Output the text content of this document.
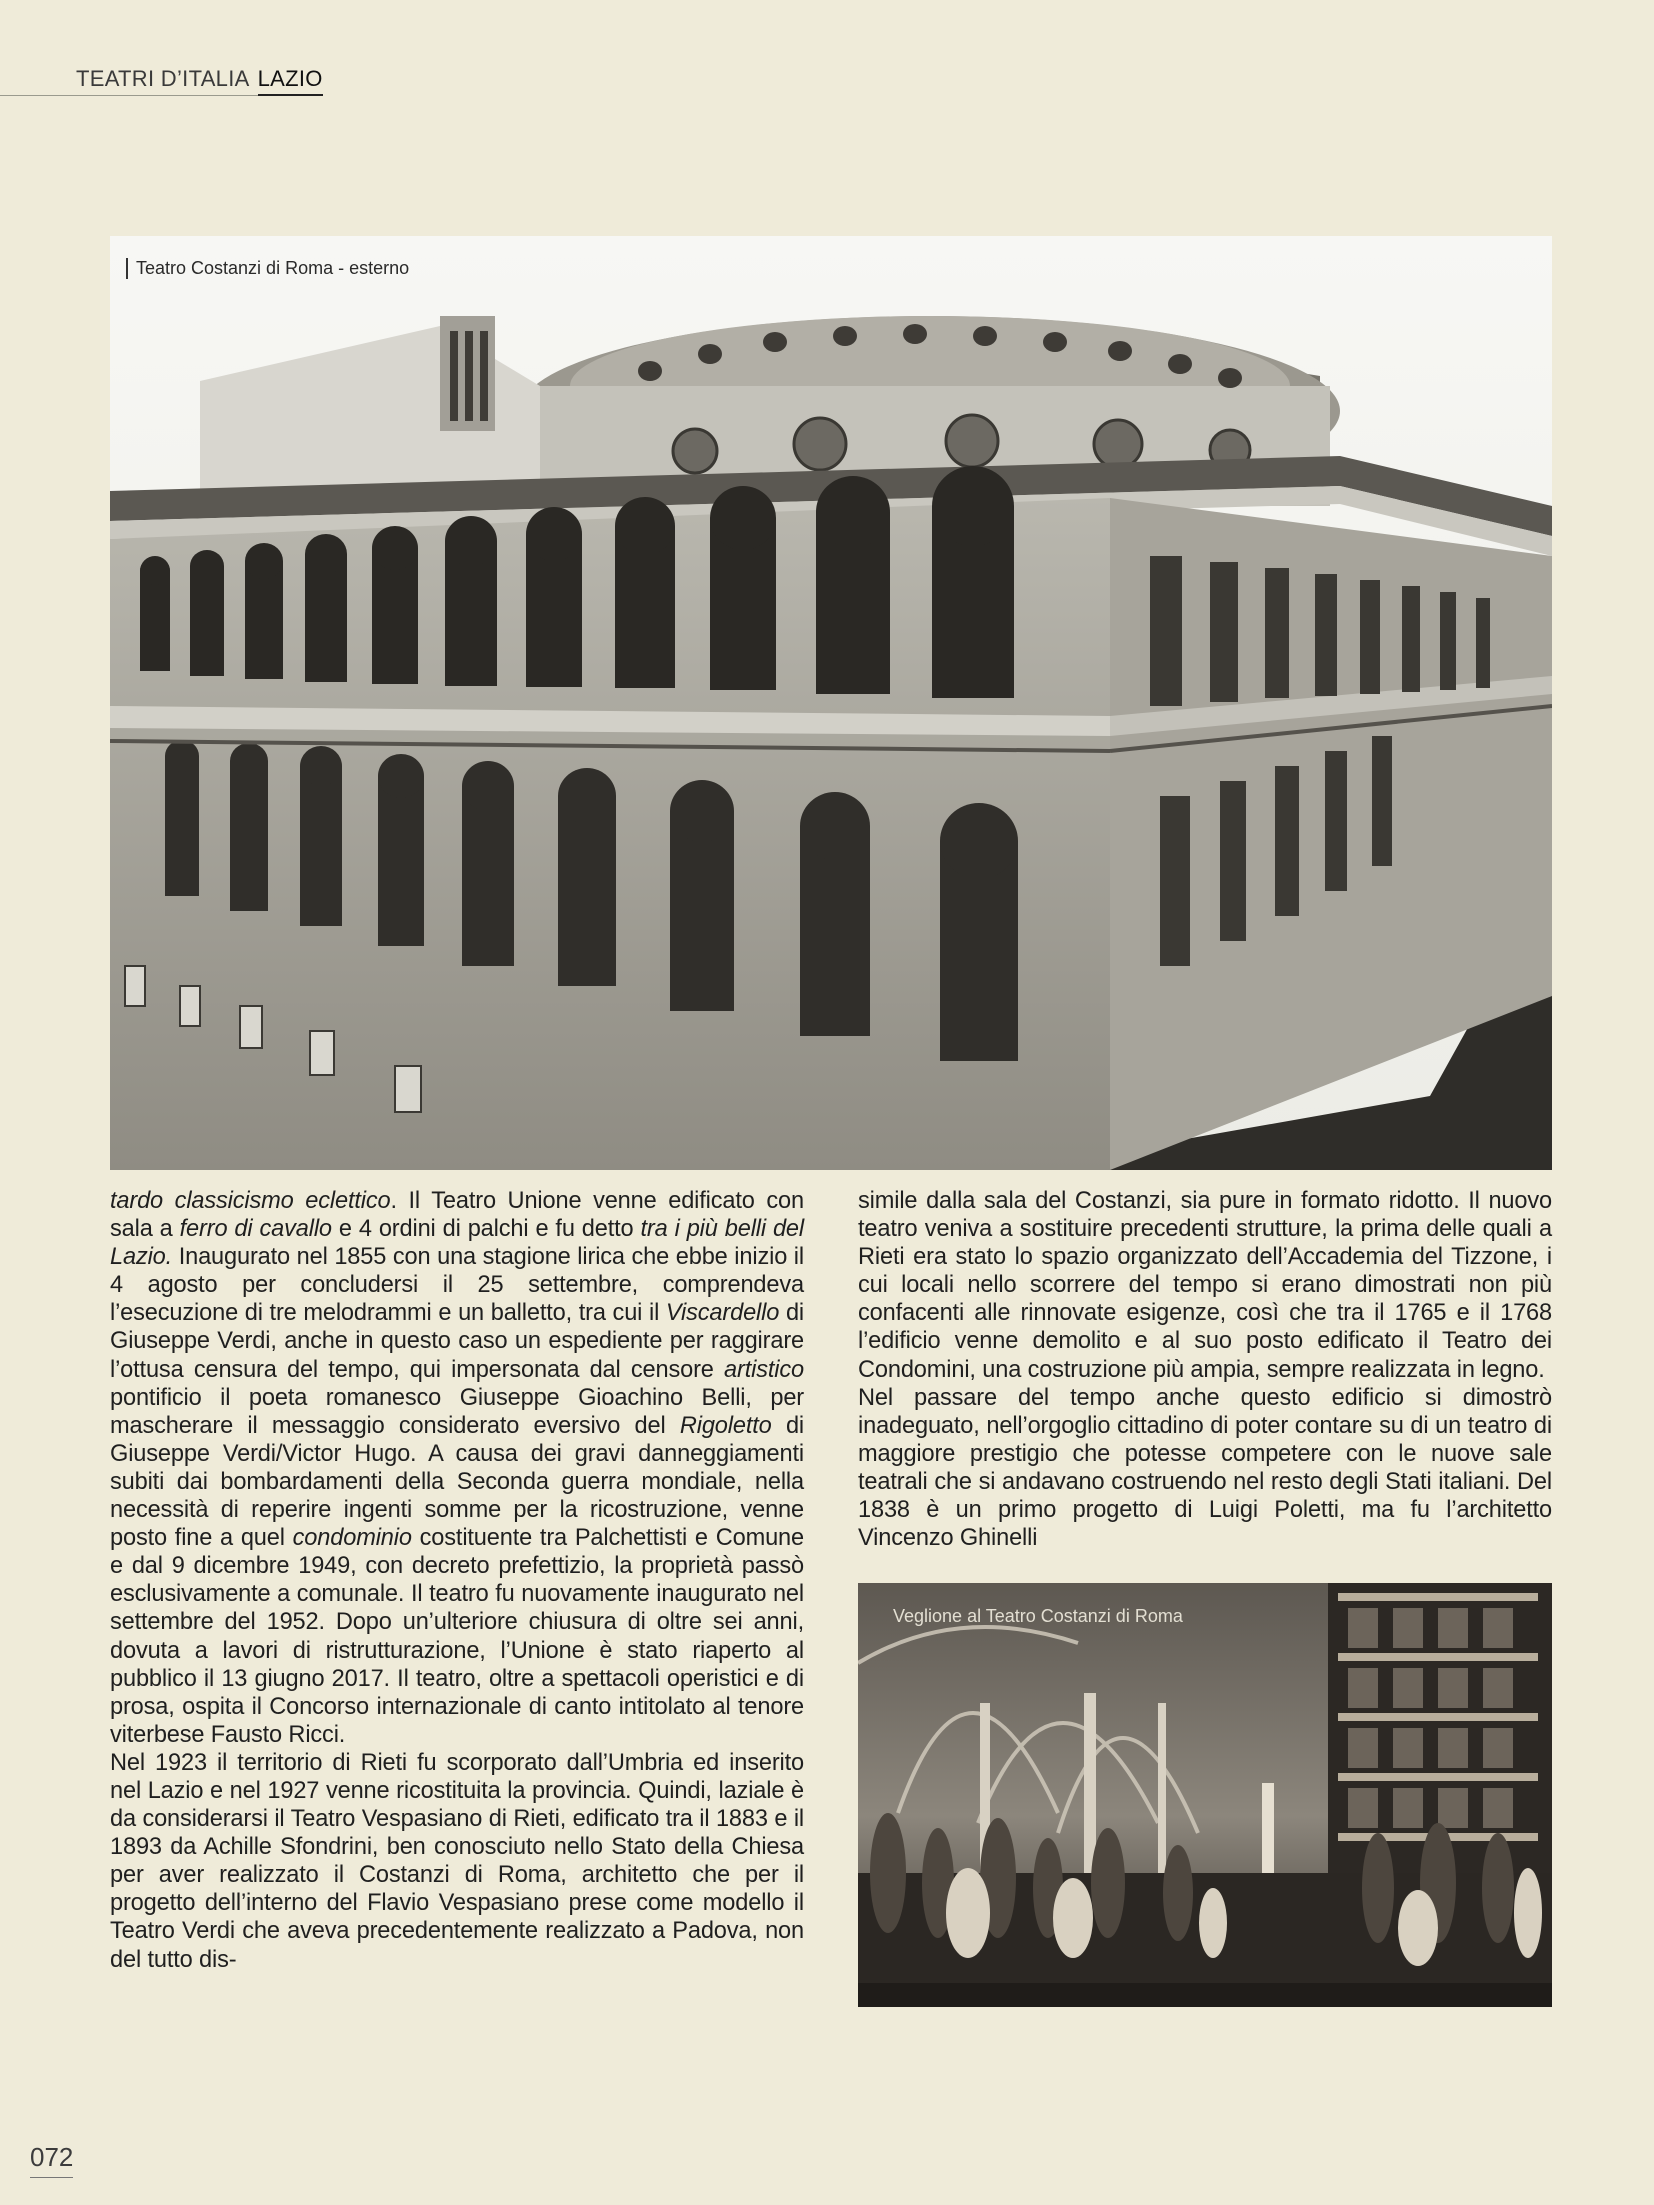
TEATRI D’ITALIA LAZIO
Teatro Costanzi di Roma - esterno
Veglione al Teatro Costanzi di Roma

tardo classicismo eclettico. Il Teatro Unione venne edificato con sala a ferro di cavallo e 4 ordini di palchi e fu detto tra i più belli del Lazio. Inaugurato nel 1855 con una stagione lirica che ebbe inizio il 4 agosto per concludersi il 25 settembre, comprendeva l’esecuzione di tre melodrammi e un balletto, tra cui il Viscardello di Giuseppe Verdi, anche in questo caso un espediente per raggirare l’ottusa censura del tempo, qui impersonata dal censore artistico pontificio il poeta romanesco Giuseppe Gioachino Belli, per mascherare il messaggio considerato eversivo del Rigoletto di Giuseppe Verdi/Victor Hugo. A causa dei gravi danneggiamenti subiti dai bombardamenti della Seconda guerra mondiale, nella necessità di reperire ingenti somme per la ricostruzione, venne posto fine a quel condominio costituente tra Palchettisti e Comune e dal 9 dicembre 1949, con decreto prefettizio, la proprietà passò esclusivamente a comunale. Il teatro fu nuovamente inaugurato nel settembre del 1952. Dopo un’ulteriore chiusura di oltre sei anni, dovuta a lavori di ristrutturazione, l’Unione è stato riaperto al pubblico il 13 giugno 2017. Il teatro, oltre a spettacoli operistici e di prosa, ospita il Concorso internazionale di canto intitolato al tenore viterbese Fausto Ricci.

Nel 1923 il territorio di Rieti fu scorporato dall’Umbria ed inserito nel Lazio e nel 1927 venne ricostituita la provincia. Quindi, laziale è da considerarsi il Teatro Vespasiano di Rieti, edificato tra il 1883 e il 1893 da Achille Sfondrini, ben conosciuto nello Stato della Chiesa per aver realizzato il Costanzi di Roma, architetto che per il progetto dell’interno del Flavio Vespasiano prese come modello il Teatro Verdi che aveva precedentemente realizzato a Padova, non del tutto dis-

simile dalla sala del Costanzi, sia pure in formato ridotto. Il nuovo teatro veniva a sostituire precedenti strutture, la prima delle quali a Rieti era stato lo spazio organizzato dell’Accademia del Tizzone, i cui locali nello scorrere del tempo si erano dimostrati non più confacenti alle rinnovate esigenze, così che tra il 1765 e il 1768 l’edificio venne demolito e al suo posto edificato il Teatro dei Condomini, una costruzione più ampia, sempre realizzata in legno.

Nel passare del tempo anche questo edificio si dimostrò inadeguato, nell’orgoglio cittadino di poter contare su di un teatro di maggiore prestigio che potesse competere con le nuove sale teatrali che si andavano costruendo nel resto degli Stati italiani. Del 1838 è un primo progetto di Luigi Poletti, ma fu l’architetto Vincenzo Ghinelli

072
